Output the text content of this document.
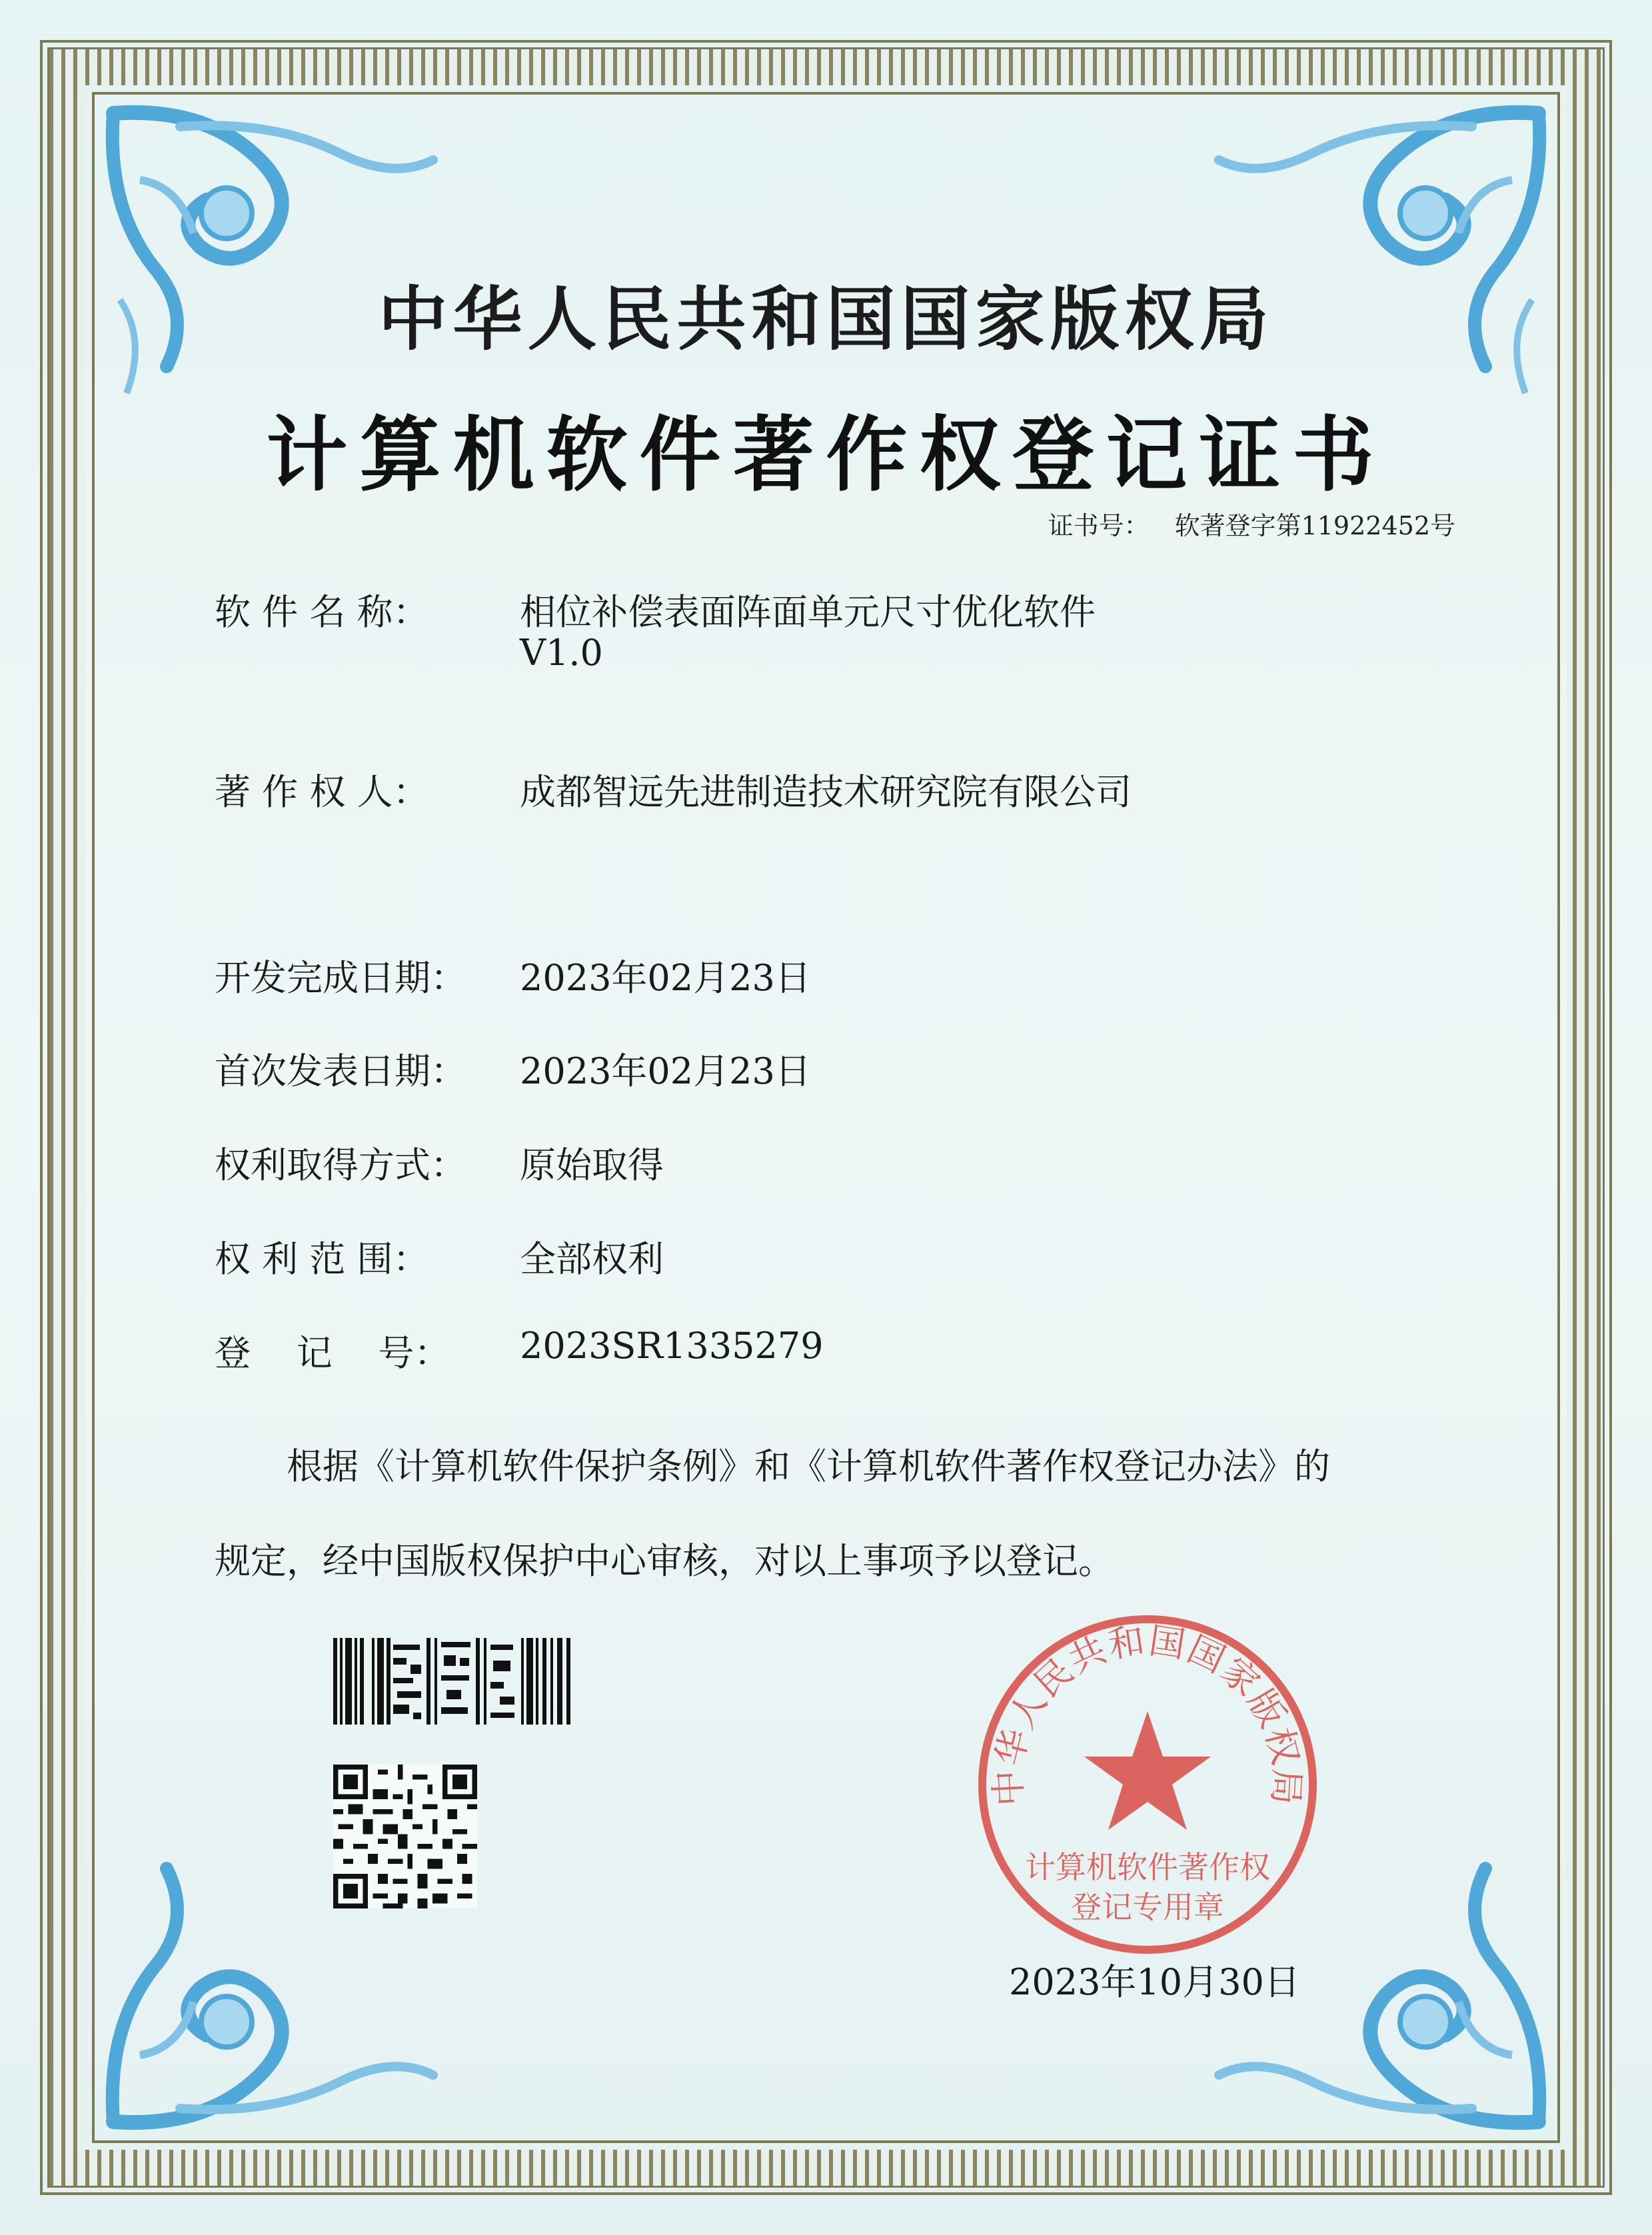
中华人民共和国国家版权局
计算机软件著作权登记证书
证书号： 软著登字第11922452号
软 件 名 称：	相位补偿表面阵面单元尺寸优化软件
V1.0
著 作 权 人：	成都智远先进制造技术研究院有限公司
开发完成日期： 2023年02月23日
首次发表日期： 2023年02月23日
权利取得方式： 原始取得
权 利 范 围：	全部权利
登    记    号： 2023SR1335279
根据《计算机软件保护条例》和《计算机软件著作权登记办法》的
规定，经中国版权保护中心审核，对以上事项予以登记。
中华人民共和国国家版权局
计算机软件著作权
登记专用章
2023年10月30日
